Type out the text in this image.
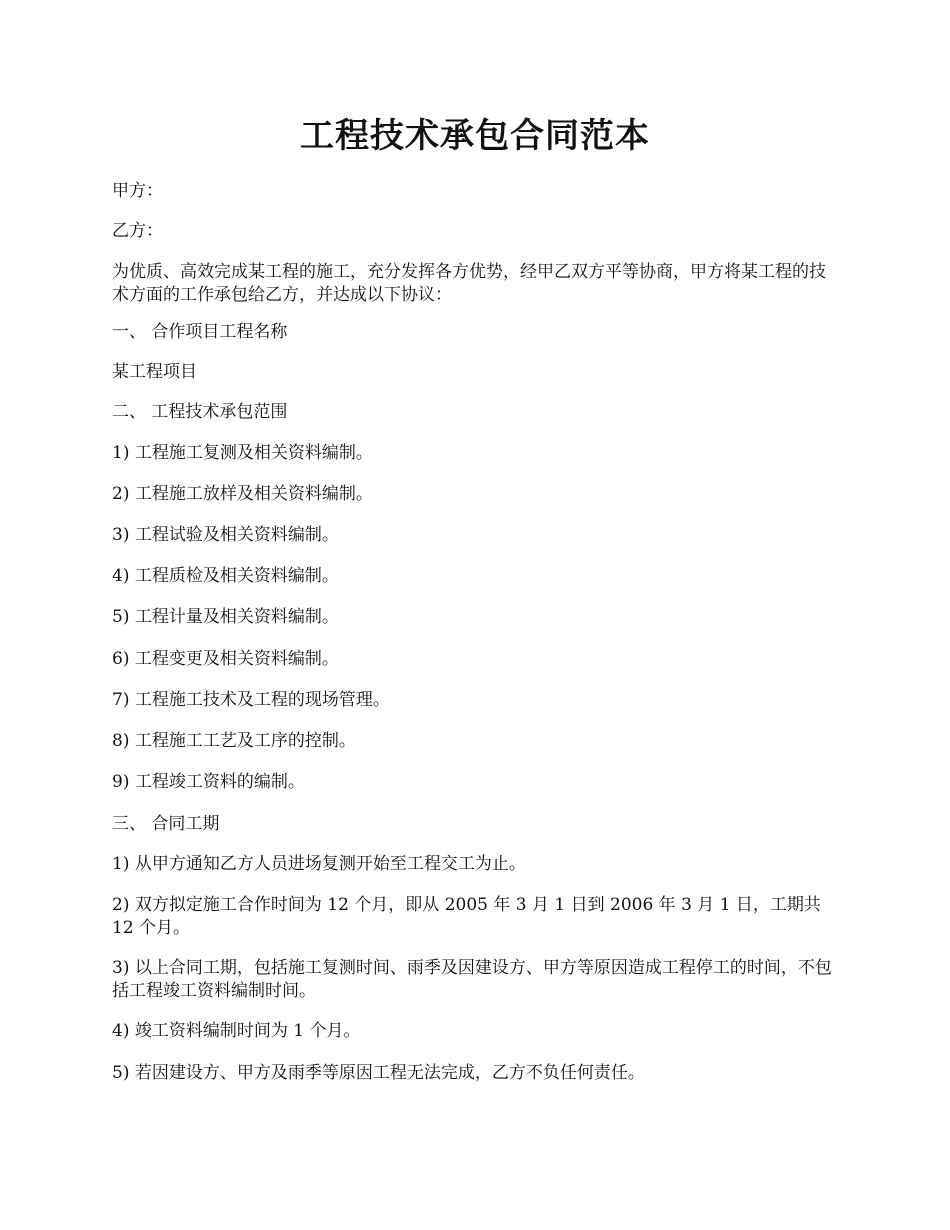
工程技术承包合同范本

甲方：

乙方：

为优质、高效完成某工程的施工，充分发挥各方优势，经甲乙双方平等协商，甲方将某工程的技术方面的工作承包给乙方，并达成以下协议：

一、 合作项目工程名称

某工程项目

二、 工程技术承包范围

1) 工程施工复测及相关资料编制。

2) 工程施工放样及相关资料编制。

3) 工程试验及相关资料编制。

4) 工程质检及相关资料编制。

5) 工程计量及相关资料编制。

6) 工程变更及相关资料编制。

7) 工程施工技术及工程的现场管理。

8) 工程施工工艺及工序的控制。

9) 工程竣工资料的编制。

三、 合同工期

1) 从甲方通知乙方人员进场复测开始至工程交工为止。

2) 双方拟定施工合作时间为 12 个月，即从 2005 年 3 月 1 日到 2006 年 3 月 1 日，工期共 12 个月。

3) 以上合同工期，包括施工复测时间、雨季及因建设方、甲方等原因造成工程停工的时间，不包括工程竣工资料编制时间。

4) 竣工资料编制时间为 1 个月。

5) 若因建设方、甲方及雨季等原因工程无法完成，乙方不负任何责任。
